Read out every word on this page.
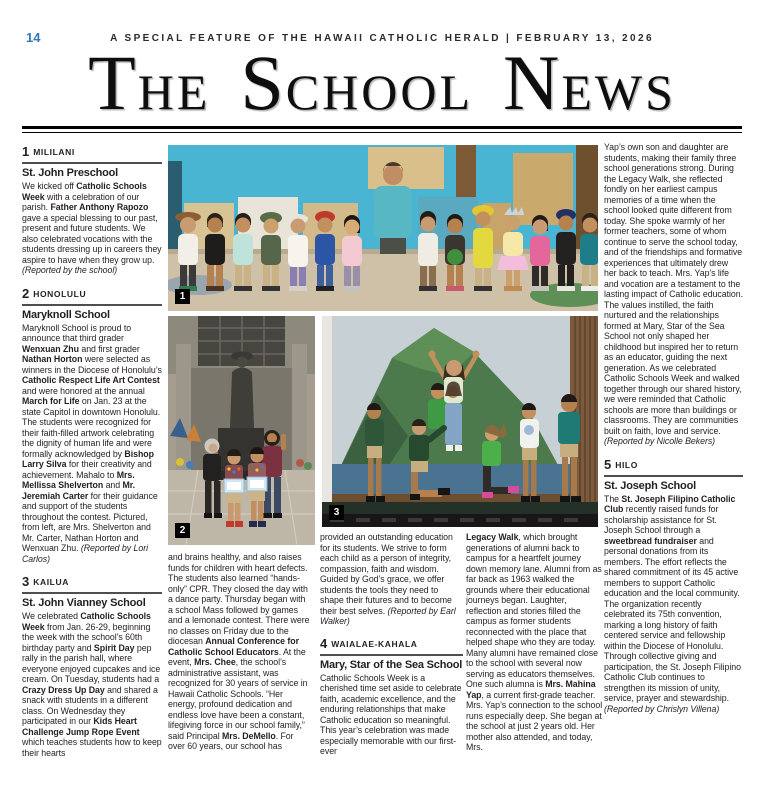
14	A SPECIAL FEATURE OF THE HAWAII CATHOLIC HERALD | FEBRUARY 13, 2026
THE SCHOOL NEWS
1 MILILANI
St. John Preschool
We kicked off Catholic Schools Week with a celebration of our parish. Father Anthony Rapozo gave a special blessing to our past, present and future students. We also celebrated vocations with the students dressing up in careers they aspire to have when they grow up. (Reported by the school)
2 HONOLULU
Maryknoll School
Maryknoll School is proud to announce that third grader Wenxuan Zhu and first grader Nathan Horton were selected as winners in the Diocese of Honolulu’s Catholic Respect Life Art Contest and were honored at the annual March for Life on Jan. 23 at the state Capitol in downtown Honolulu. The students were recognized for their faith-filled artwork celebrating the dignity of human life and were formally acknowledged by Bishop Larry Silva for their creativity and achievement. Mahalo to Mrs. Mellissa Shelverton and Mr. Jeremiah Carter for their guidance and support of the students throughout the contest. Pictured, from left, are Mrs. Shelverton and Mr. Carter, Nathan Horton and Wenxuan Zhu. (Reported by Lori Carlos)
3 KAILUA
St. John Vianney School
We celebrated Catholic Schools Week from Jan. 26-29, beginning the week with the school’s 60th birthday party and Spirit Day pep rally in the parish hall, where everyone enjoyed cupcakes and ice cream. On Tuesday, students had a Crazy Dress Up Day and shared a snack with students in a different class. On Wednesday they participated in our Kids Heart Challenge Jump Rope Event which teaches students how to keep their hearts
1
2
3
and brains healthy, and also raises funds for children with heart defects. The students also learned “hands-only” CPR. They closed the day with a dance party. Thursday began with a school Mass followed by games and a lemonade contest. There were no classes on Friday due to the diocesan Annual Conference for Catholic School Educators. At the event, Mrs. Chee, the school’s administrative assistant, was recognized for 30 years of service in Hawaii Catholic Schools. “Her energy, profound dedication and endless love have been a constant, lifegiving force in our school family,” said Principal Mrs. DeMello. For over 60 years, our school has
provided an outstanding education for its students. We strive to form each child as a person of integrity, compassion, faith and wisdom. Guided by God’s grace, we offer students the tools they need to shape their futures and to become their best selves. (Reported by Earl Walker)
4 WAIALAE-KAHALA
Mary, Star of the Sea School
Catholic Schools Week is a cherished time set aside to celebrate faith, academic excellence, and the enduring relationships that make Catholic education so meaningful. This year’s celebration was made especially memorable with our first-ever
Legacy Walk, which brought generations of alumni back to campus for a heartfelt journey down memory lane. Alumni from as far back as 1963 walked the grounds where their educational journeys began. Laughter, reflection and stories filled the campus as former students reconnected with the place that helped shape who they are today. Many alumni have remained close to the school with several now serving as educators themselves. One such alumna is Mrs. Mahina Yap, a current first-grade teacher. Mrs. Yap’s connection to the school runs especially deep. She began at the school at just 2 years old. Her mother also attended, and today, Mrs.
Yap’s own son and daughter are students, making their family three school generations strong. During the Legacy Walk, she reflected fondly on her earliest campus memories of a time when the school looked quite different from today. She spoke warmly of her former teachers, some of whom continue to serve the school today, and of the friendships and formative experiences that ultimately drew her back to teach. Mrs. Yap’s life and vocation are a testament to the lasting impact of Catholic education. The values instilled, the faith nurtured and the relationships formed at Mary, Star of the Sea School not only shaped her childhood but inspired her to return as an educator, guiding the next generation. As we celebrated Catholic Schools Week and walked together through our shared history, we were reminded that Catholic schools are more than buildings or classrooms. They are communities built on faith, love and service. (Reported by Nicolle Bekers)
5 HILO
St. Joseph School
The St. Joseph Filipino Catholic Club recently raised funds for scholarship assistance for St. Joseph School through a sweetbread fundraiser and personal donations from its members. The effort reflects the shared commitment of its 45 active members to support Catholic education and the local community. The organization recently celebrated its 75th convention, marking a long history of faith centered service and fellowship within the Diocese of Honolulu. Through collective giving and participation, the St. Joseph Filipino Catholic Club continues to strengthen its mission of unity, service, prayer and stewardship. (Reported by Chrislyn Villena)
